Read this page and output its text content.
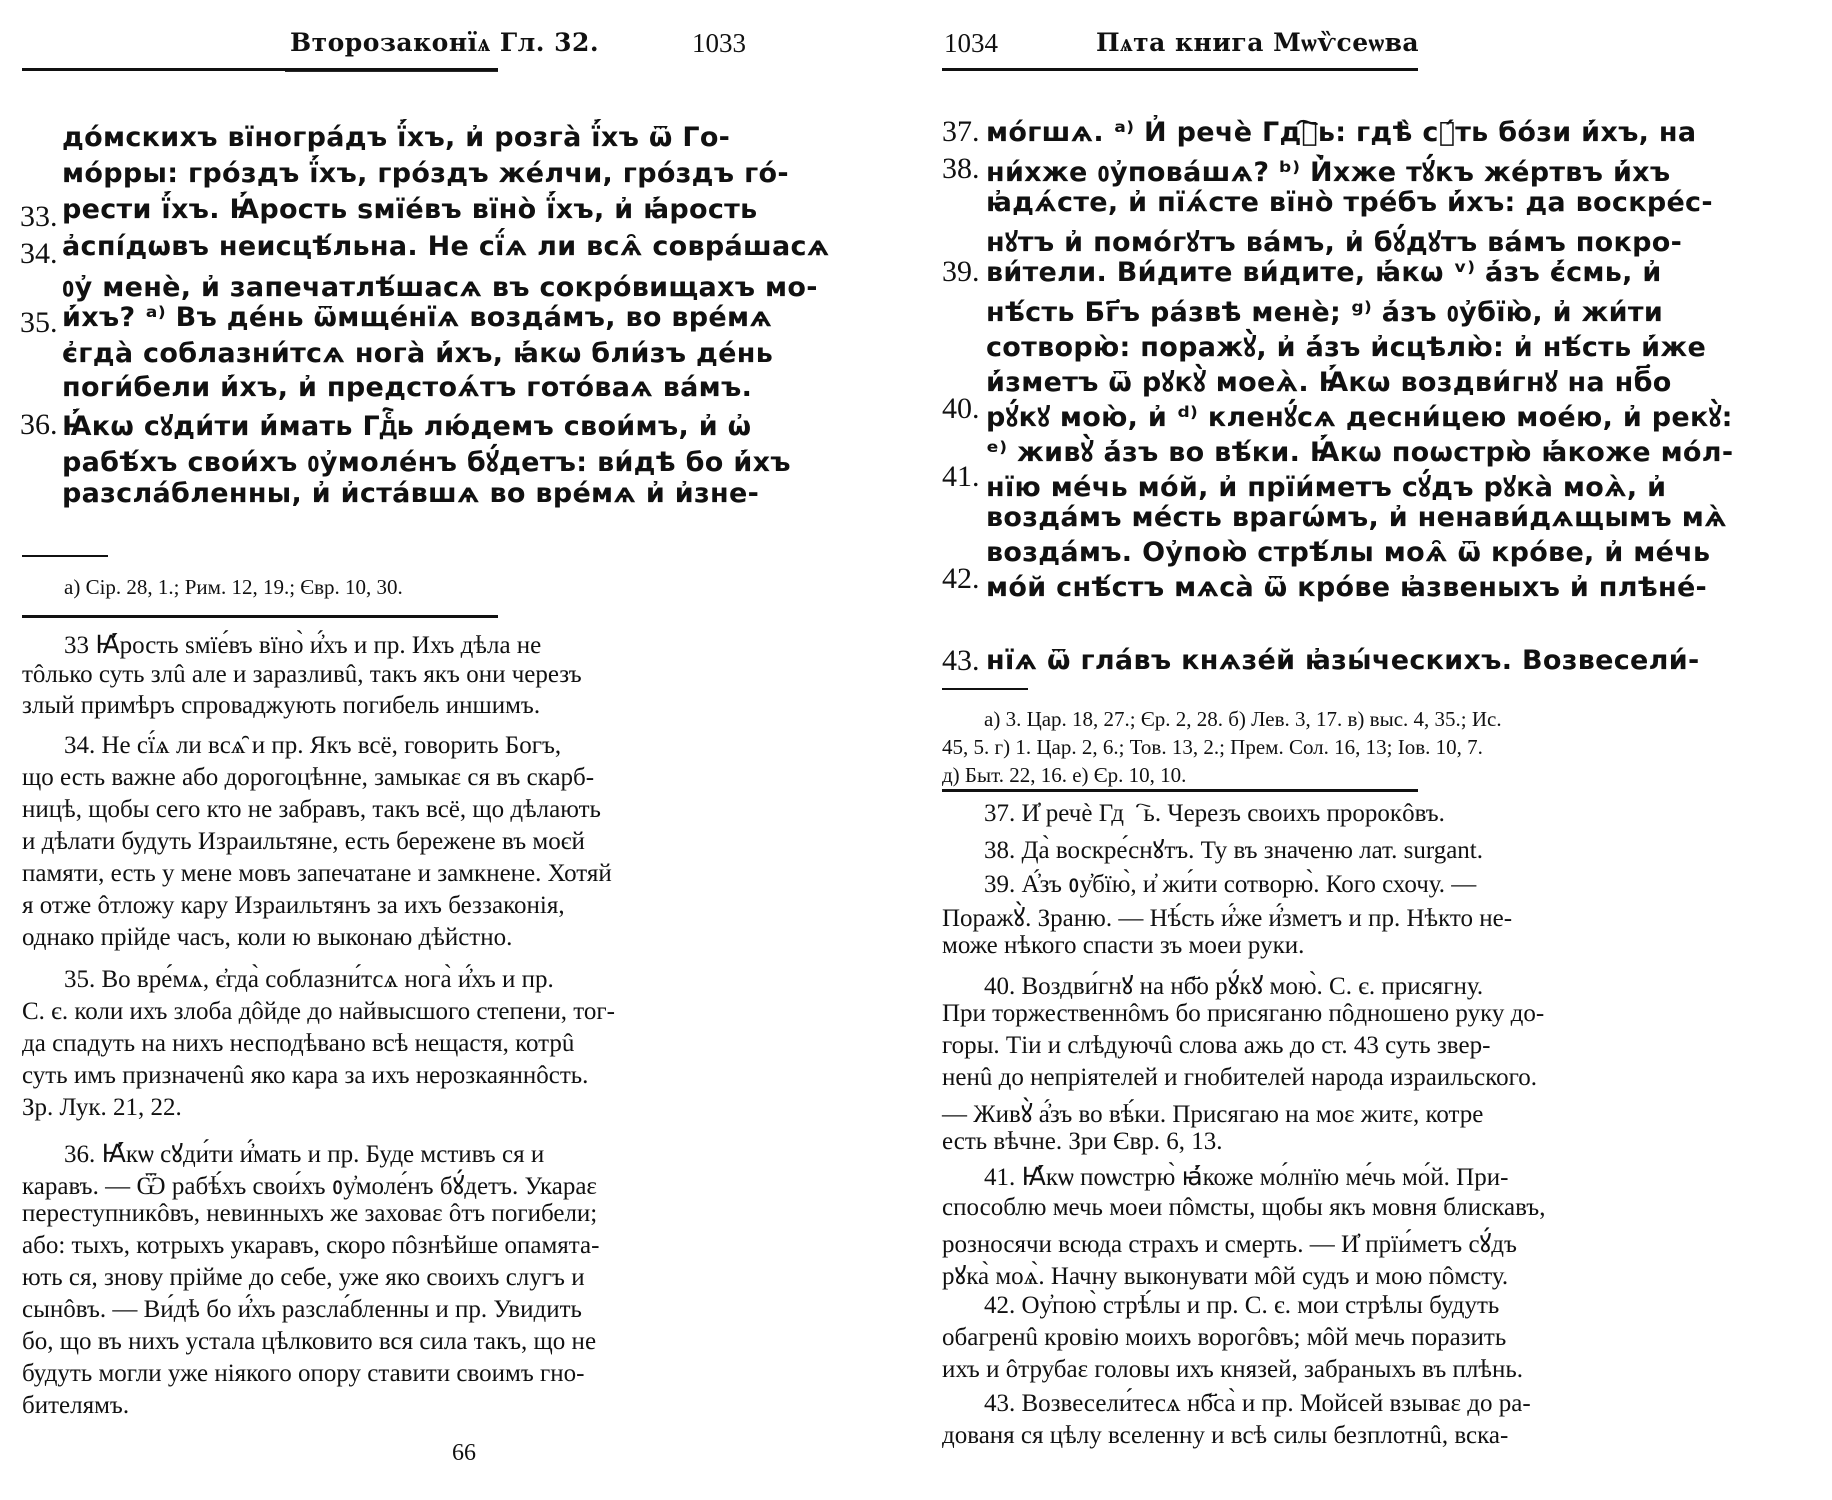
Второзаконїѧ Гл. 32.	1033
33.
34.
35.
36.
до́мскихъ вїногра́дъ ї҆́хъ, и҆ розга̀ ї҆́хъ ѿ Го-
мо́рры: гро́здъ ї҆́хъ, гро́здъ же́лчи, гро́здъ го́-
рести ї҆́хъ. Ꙗ҆́рость ѕмїе́въ вїно̀ ї҆́хъ, и҆ ꙗ҆́рость
а҆спі́дѡвъ неисцѣ́льна. Не сї́ѧ ли всѧ̑ совра́шасѧ
ᲂу҆ менѐ, и҆ запечатлѣ́шасѧ въ сокро́вищахъ мо-
и҆́хъ? ᵃ⁾ Въ де́нь ѿмще́нїѧ возда́мъ, во вре́мѧ
є҆гда̀ соблазни́тсѧ нога̀ и҆́хъ, ꙗ҆́кѡ бли́зъ де́нь
поги́бели и҆́хъ, и҆ предстоѧ́тъ гото́ваѧ ва́мъ.
Ꙗ҆́кѡ сꙋди́ти и҆́мать Гдⷭ҇ь лю́демъ свои́мъ, и҆ ѡ҆
рабѣ́хъ свои́хъ ᲂу҆моле́нъ бꙋ́детъ: ви́дѣ бо и҆́хъ
разсла́бленны, и҆ и҆ста́вшѧ во вре́мѧ и҆ и҆зне-
а) Сір. 28, 1.; Рим. 12, 19.; Євр. 10, 30.
33 Ꙗ҆́рость ѕмїе́въ вїно̀ и҆́хъ и пр. Ихъ дѣла не
тôлько суть злû але и заразливû, такъ якъ они черезъ
злый примѣръ спроваджують погибель иншимъ.
34. Не сї́ѧ ли всѧ̑ и пр. Якъ всё, говорить Богъ,
що есть важне або дорогоцѣнне, замыкаε ся въ скарб-
ницѣ, щобы сего кто не забравъ, такъ всё, що дѣлають
и дѣлати будуть Израильтяне, есть бережене въ моєй
памяти, есть у мене мовъ запечатане и замкнене. Хотяй
я отже ôтложу кару Израильтянъ за ихъ беззаконія,
однако прійде часъ, коли ю выконаю дѣйстно.
35. Во вре́мѧ, є҆гда̀ соблазни́тсѧ нога̀ и҆́хъ и пр.
С. є. коли ихъ злоба дôйде до найвысшого степени, тог-
да спадуть на нихъ несподѣвано всѣ нещастя, котрû
суть имъ призначенû яко кара за ихъ нерозкаяннôсть.
Зр. Лук. 21, 22.
36. Ꙗ҆́кѡ сꙋди́ти и҆́мать и пр. Буде мстивъ ся и
каравъ. — Ѿ рабѣ́хъ свои́хъ ᲂу҆моле́нъ бꙋ́детъ. Укараε
переступникôвъ, невинныхъ же заховаε ôтъ погибели;
або: тыхъ, котрыхъ укаравъ, скоро пôзнѣйше опамята-
ють ся, знову прійме до себе, уже яко своихъ слугъ и
сынôвъ. — Ви́дѣ бо и҆́хъ разсла́бленны и пр. Увидить
бо, що въ нихъ устала цѣлковито вся сила такъ, що не
будуть могли уже ніякого опору ставити своимъ гно-
бителямъ.
66
1034	Пѧта книга Мѡѷсеѡва
37.
38.
39.
40.
41.
42.
43.
мо́гшѧ. ᵃ⁾ И҆ речѐ Гдⷭ҇ь: гдѣ̀ сꙋ́ть бо́зи и҆́хъ, на
ни́хже ᲂу҆пова́шѧ? ᵇ⁾ И҆̀хже тꙋ́къ же́ртвъ и҆́хъ
ꙗ҆дѧ́сте, и҆ пїѧ́сте вїно̀ тре́бъ и҆́хъ: да воскре́с-
нꙋтъ и҆ помо́гꙋтъ ва́мъ, и҆ бꙋ́дꙋтъ ва́мъ покро-
ви́тели. Ви́дите ви́дите, ꙗ҆́кѡ ᵛ⁾ а҆́зъ є҆́смь, и҆
нѣ́сть Бг҃ъ ра́звѣ менѐ; ᵍ⁾ а҆́зъ ᲂу҆бїю̀, и҆ жи́ти
сотворю̀: поражꙋ̀, и҆ а҆́зъ и҆сцѣлю̀: и҆ нѣ́сть и҆́же
и҆́зметъ ѿ рꙋкꙋ̀ моеѧ̀. Ꙗ҆́кѡ воздви́гнꙋ на нб҃о
рꙋ́кꙋ мою̀, и҆ ᵈ⁾ кленꙋ́сѧ десни́цею мое́ю, и҆ рекꙋ̀:
ᵉ⁾ живꙋ̀ а҆́зъ во вѣ́ки. Ꙗ҆́кѡ поѡстрю̀ ꙗ҆́коже мо́л-
нїю ме́чь мо́й, и҆ прїи́метъ сꙋ́дъ рꙋка̀ моѧ̀, и҆
возда́мъ ме́сть врагѡ́мъ, и҆ ненави́дѧщымъ мѧ̀
возда́мъ. Оу҆пою̀ стрѣ́лы моѧ̑ ѿ кро́ве, и҆ ме́чь
мо́й снѣ́стъ мѧса̀ ѿ кро́ве ꙗ҆звеныхъ и҆ плѣне́-
нїѧ ѿ гла́въ кнѧзе́й ꙗ҆зы́ческихъ. Возвесели́-
а) 3. Цар. 18, 27.; Єр. 2, 28. б) Лев. 3, 17. в) выс. 4, 35.; Ис.
45, 5. г) 1. Цар. 2, 6.; Тов. 13, 2.; Прем. Сол. 16, 13; Іов. 10, 7.
д) Быт. 22, 16. е) Єр. 10, 10.
37. И҆ речѐ Гдⷭ҇ь. Черезъ своихъ пророкôвъ.
38. Да̀ воскре́снꙋтъ. Ту въ значеню лат. surgant.
39. А҆́зъ ᲂу҆бїю̀, и҆ жи́ти сотворю̀. Кого схочу. —
Поражꙋ̀. Зраню. — Нѣ́сть и҆́же и҆́зметъ и пр. Нѣкто не-
може нѣкого спасти зъ моеи руки.
40. Воздви́гнꙋ на нб҃о рꙋ́кꙋ мою̀. С. є. присягну.
При торжественнôмъ бо присяганю пôдношено руку до-
горы. Тіи и слѣдуючû слова ажь до ст. 43 суть звер-
ненû до непріятелей и гнобителей народа израильского.
— Живꙋ̀ а҆́зъ во вѣ́ки. Присягаю на моε житε, котре
есть вѣчне. Зри Євр. 6, 13.
41. Ꙗ҆́кѡ поѡстрю̀ ꙗ҆́коже мо́лнїю ме́чь мо́й. При-
способлю мечь моеи пôмсты, щобы якъ мовня блискавъ,
розносячи всюда страхъ и смерть. — И҆ прїи́метъ сꙋ́дъ
рꙋка̀ моѧ̀. Начну выконувати мôй судъ и мою пôмсту.
42. Оу҆пою̀ стрѣ́лы и пр. С. є. мои стрѣлы будуть
обагренû кровію моихъ ворогôвъ; мôй мечь поразить
ихъ и ôтрубаε головы ихъ князей, забраныхъ въ плѣнь.
43. Возвесели́тесѧ нб҃са̀ и пр. Мойсей взываε до ра-
дованя ся цѣлу вселенну и всѣ силы безплотнû, вска-
